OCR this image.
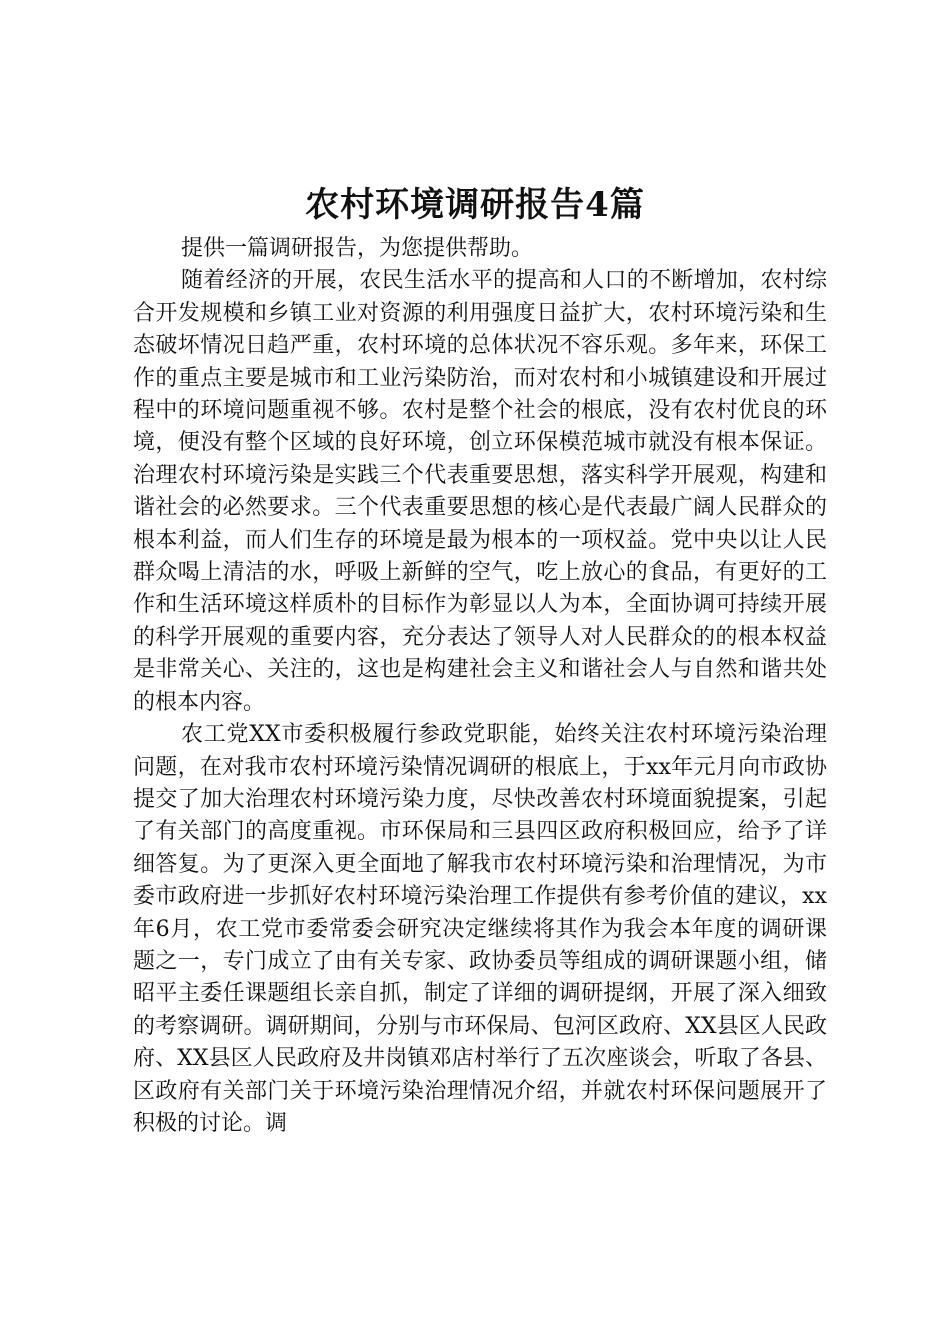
农村环境调研报告4篇

提供一篇调研报告，为您提供帮助。

随着经济的开展，农民生活水平的提高和人口的不断增加，农村综合开发规模和乡镇工业对资源的利用强度日益扩大，农村环境污染和生态破坏情况日趋严重，农村环境的总体状况不容乐观。多年来，环保工作的重点主要是城市和工业污染防治，而对农村和小城镇建设和开展过程中的环境问题重视不够。农村是整个社会的根底，没有农村优良的环境，便没有整个区域的良好环境，创立环保模范城市就没有根本保证。治理农村环境污染是实践三个代表重要思想，落实科学开展观，构建和谐社会的必然要求。三个代表重要思想的核心是代表最广阔人民群众的根本利益，而人们生存的环境是最为根本的一项权益。党中央以让人民群众喝上清洁的水，呼吸上新鲜的空气，吃上放心的食品，有更好的工作和生活环境这样质朴的目标作为彰显以人为本，全面协调可持续开展的科学开展观的重要内容，充分表达了领导人对人民群众的的根本权益是非常关心、关注的，这也是构建社会主义和谐社会人与自然和谐共处的根本内容。

农工党XX市委积极履行参政党职能，始终关注农村环境污染治理问题，在对我市农村环境污染情况调研的根底上，于xx年元月向市政协提交了加大治理农村环境污染力度，尽快改善农村环境面貌提案，引起了有关部门的高度重视。市环保局和三县四区政府积极回应，给予了详细答复。为了更深入更全面地了解我市农村环境污染和治理情况，为市委市政府进一步抓好农村环境污染治理工作提供有参考价值的建议，xx年6月，农工党市委常委会研究决定继续将其作为我会本年度的调研课题之一，专门成立了由有关专家、政协委员等组成的调研课题小组，储昭平主委任课题组长亲自抓，制定了详细的调研提纲，开展了深入细致的考察调研。调研期间，分别与市环保局、包河区政府、XX县区人民政府、XX县区人民政府及井岗镇邓店村举行了五次座谈会，听取了各县、区政府有关部门关于环境污染治理情况介绍，并就农村环保问题展开了积极的讨论。调
